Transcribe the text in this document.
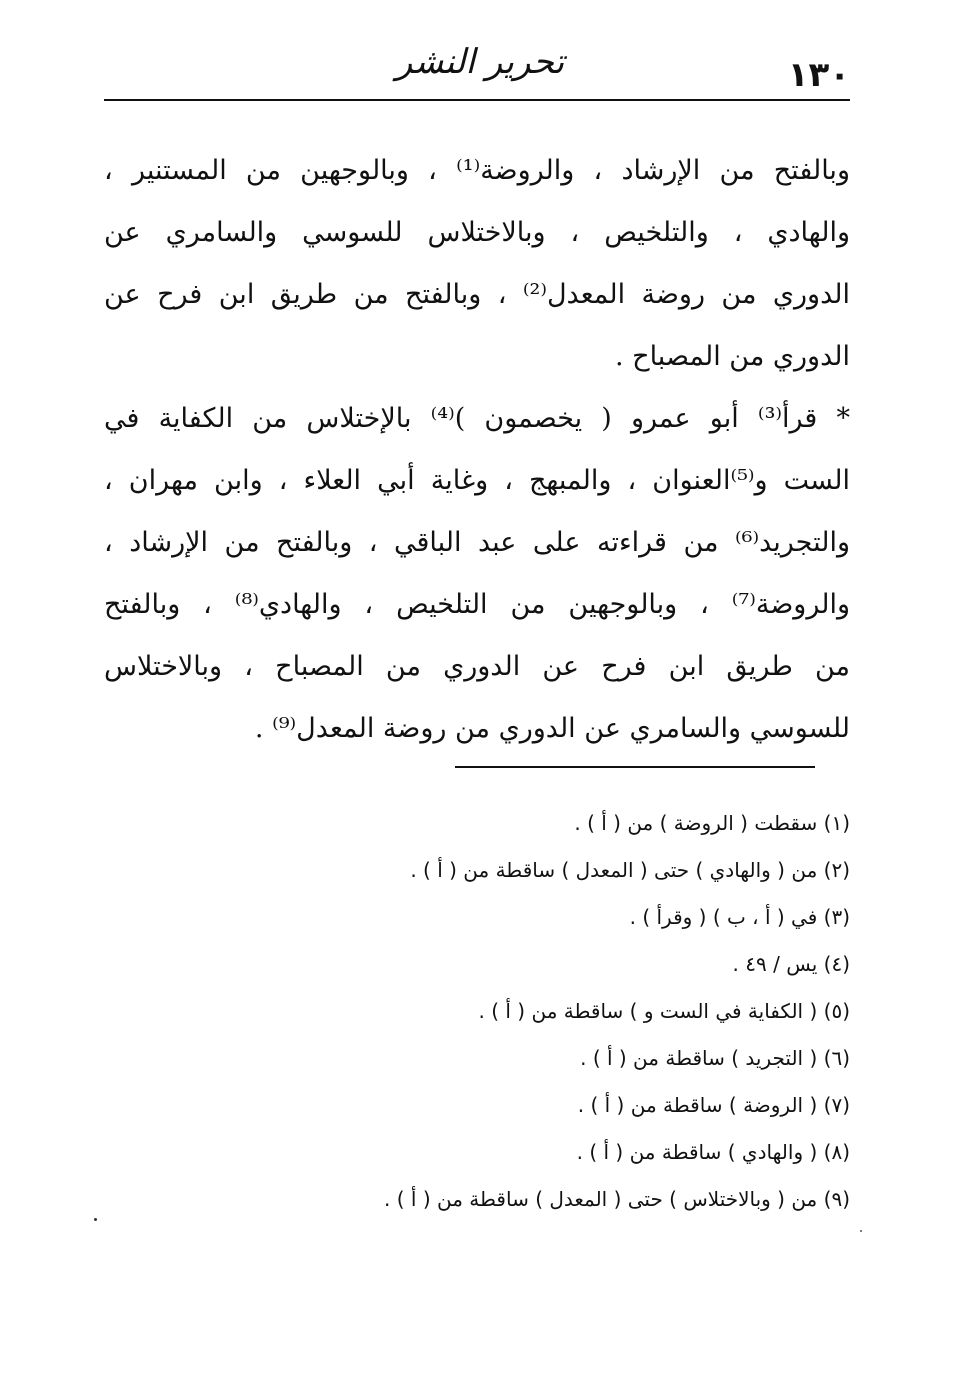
تحرير النشر	١٣٠
وبالفتح من الإرشاد ، والروضة⁽¹⁾ ، وبالوجهين من المستنير ،
والهادي ، والتلخيص ، وبالاختلاس للسوسي والسامري عن
الدوري من روضة المعدل⁽²⁾ ، وبالفتح من طريق ابن فرح عن
الدوري من المصباح .
* قرأ⁽³⁾ أبو عمرو ( يخصمون )⁽⁴⁾ بالإختلاس من الكفاية في
الست و⁽⁵⁾العنوان ، والمبهج ، وغاية أبي العلاء ، وابن مهران ،
والتجريد⁽⁶⁾ من قراءته على عبد الباقي ، وبالفتح من الإرشاد ،
والروضة⁽⁷⁾ ، وبالوجهين من التلخيص ، والهادي⁽⁸⁾ ، وبالفتح
من طريق ابن فرح عن الدوري من المصباح ، وبالاختلاس
للسوسي والسامري عن الدوري من روضة المعدل⁽⁹⁾ .
(١) سقطت ( الروضة ) من ( أ ) .
(٢) من ( والهادي ) حتى ( المعدل ) ساقطة من ( أ ) .
(٣) في ( أ ، ب ) ( وقرأ ) .
(٤) يس / ٤٩ .
(٥) ( الكفاية في الست و ) ساقطة من ( أ ) .
(٦) ( التجريد ) ساقطة من ( أ ) .
(٧) ( الروضة ) ساقطة من ( أ ) .
(٨) ( والهادي ) ساقطة من ( أ ) .
(٩) من ( وبالاختلاس ) حتى ( المعدل ) ساقطة من ( أ ) .
